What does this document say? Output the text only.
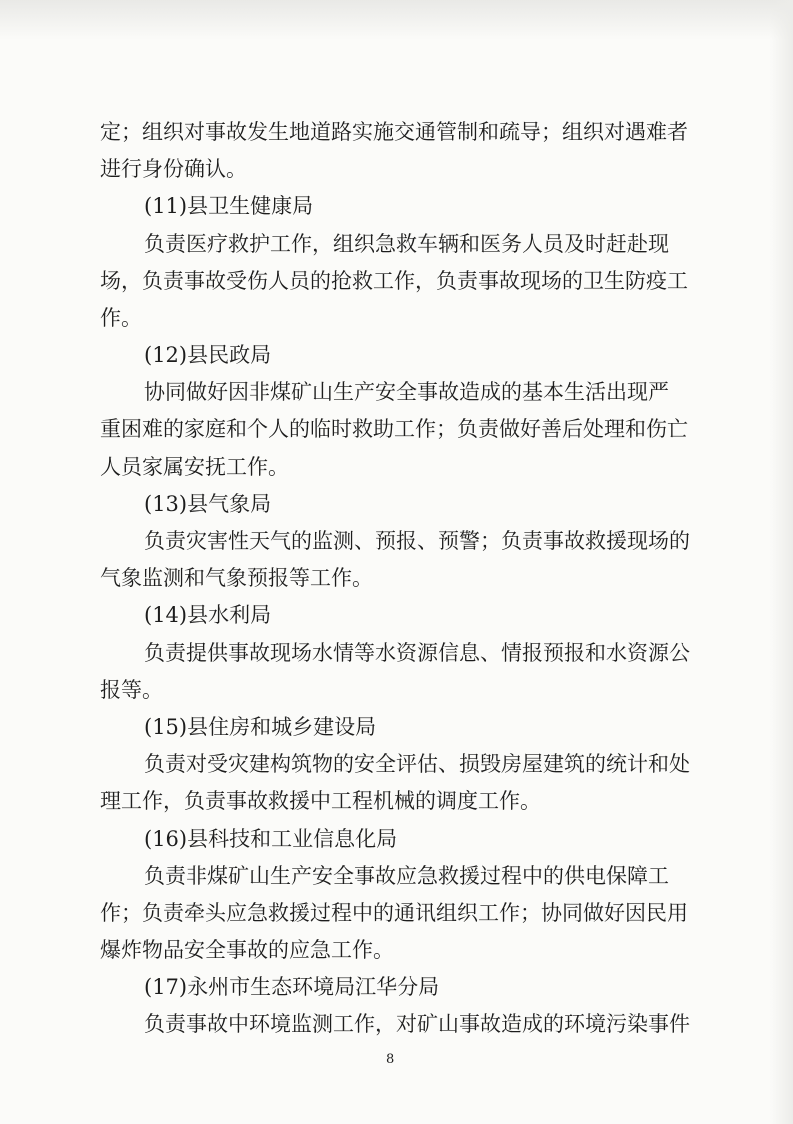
定；组织对事故发生地道路实施交通管制和疏导；组织对遇难者
进行身份确认。
(11)县卫生健康局
负责医疗救护工作，组织急救车辆和医务人员及时赶赴现
场，负责事故受伤人员的抢救工作，负责事故现场的卫生防疫工
作。
(12)县民政局
协同做好因非煤矿山生产安全事故造成的基本生活出现严
重困难的家庭和个人的临时救助工作；负责做好善后处理和伤亡
人员家属安抚工作。
(13)县气象局
负责灾害性天气的监测、预报、预警；负责事故救援现场的
气象监测和气象预报等工作。
(14)县水利局
负责提供事故现场水情等水资源信息、情报预报和水资源公
报等。
(15)县住房和城乡建设局
负责对受灾建构筑物的安全评估、损毁房屋建筑的统计和处
理工作，负责事故救援中工程机械的调度工作。
(16)县科技和工业信息化局
负责非煤矿山生产安全事故应急救援过程中的供电保障工
作；负责牵头应急救援过程中的通讯组织工作；协同做好因民用
爆炸物品安全事故的应急工作。
(17)永州市生态环境局江华分局
负责事故中环境监测工作，对矿山事故造成的环境污染事件
8
